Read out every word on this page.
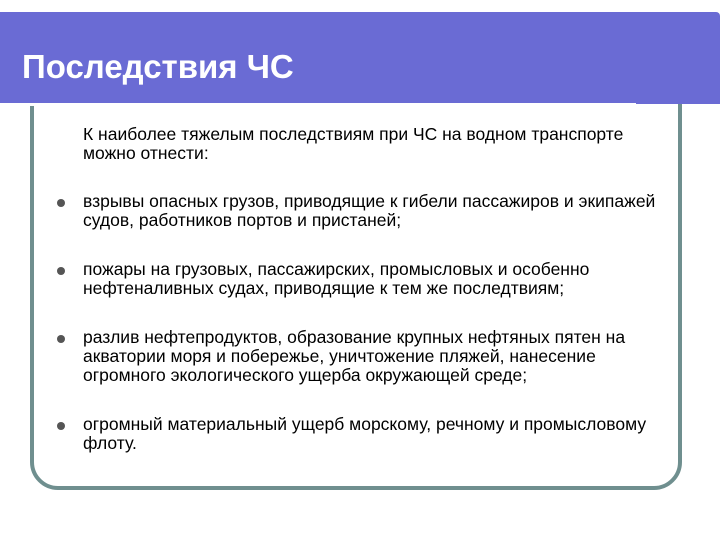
Последствия ЧС
К наиболее тяжелым последствиям при ЧС на водном транспорте можно отнести:
взрывы опасных грузов, приводящие к гибели пассажиров и экипажей судов, работников портов и пристаней;
пожары на грузовых, пассажирских, промысловых и особенно нефтеналивных судах, приводящие к тем же последтвиям;
разлив нефтепродуктов, образование крупных нефтяных пятен на акватории моря и побережье, уничтожение пляжей, нанесение огромного экологического ущерба окружающей среде;
огромный материальный ущерб морскому, речному и промысловому флоту.
